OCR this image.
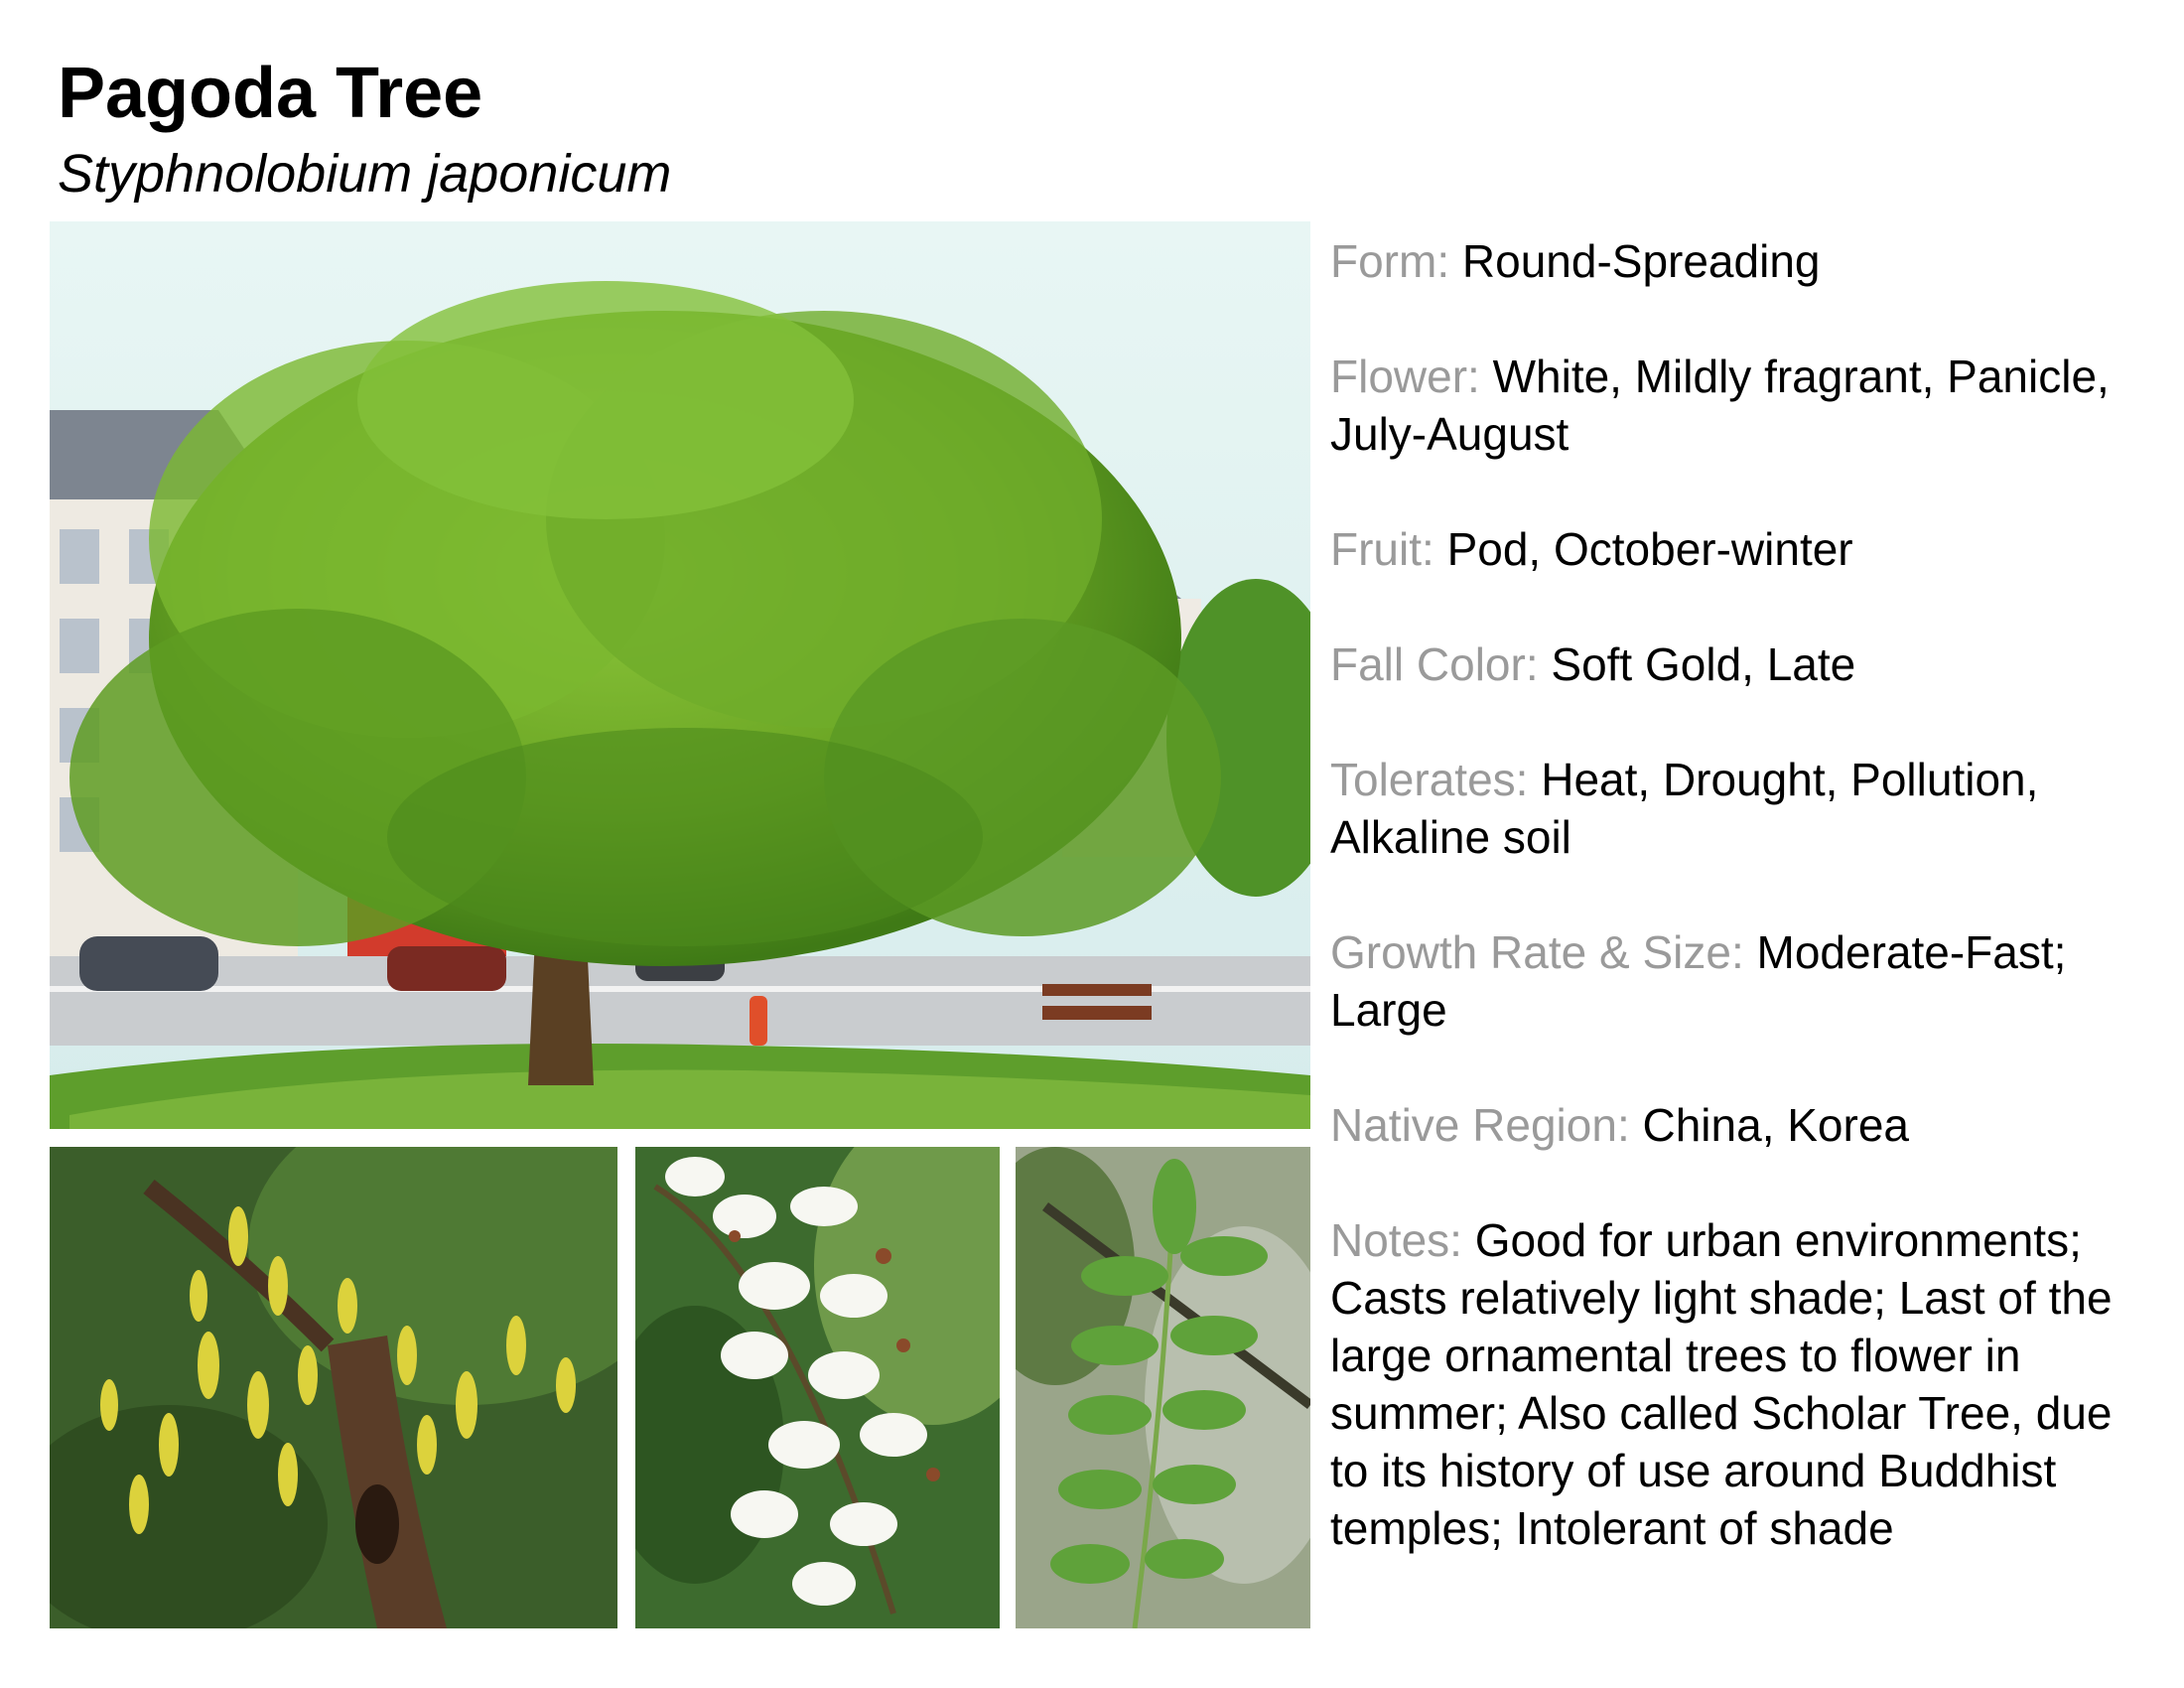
Pagoda Tree

Styphnolobium japonicum

Form: Round-Spreading

Flower: White, Mildly fragrant, Panicle, July-August

Fruit: Pod, October-winter

Fall Color: Soft Gold, Late

Tolerates: Heat, Drought, Pollution, Alkaline soil

Growth Rate & Size: Moderate-Fast; Large

Native Region: China, Korea

Notes: Good for urban environments; Casts relatively light shade; Last of the large ornamental trees to flower in summer; Also called Scholar Tree, due to its history of use around Buddhist temples; Intolerant of shade
